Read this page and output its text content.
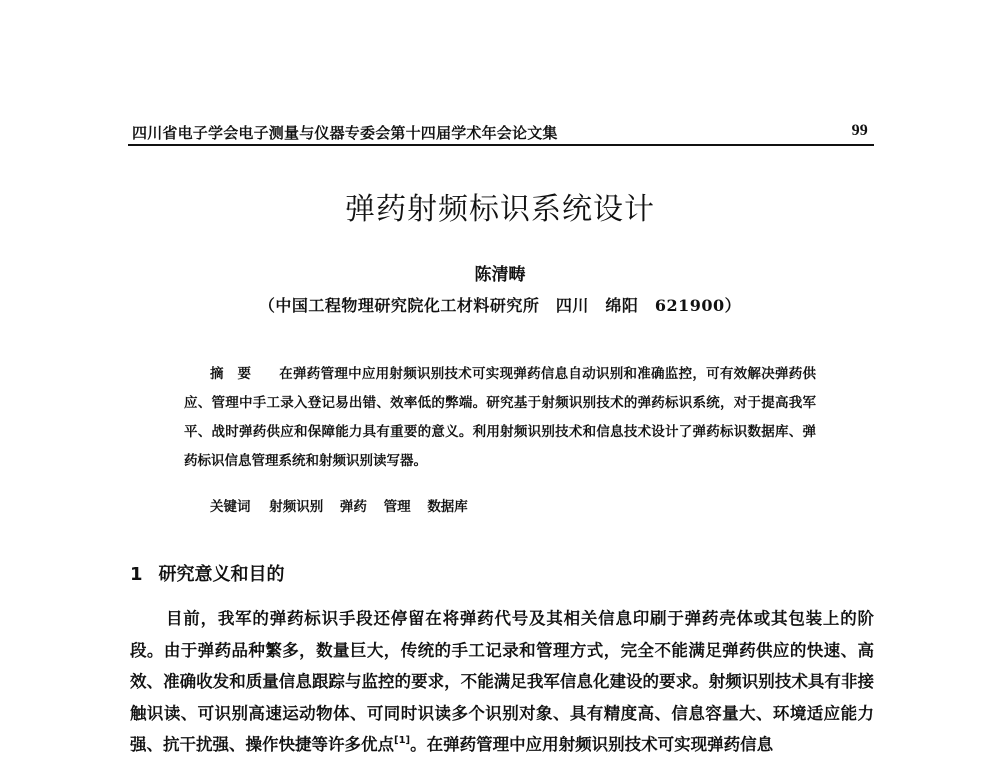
四川省电子学会电子测量与仪器专委会第十四届学术年会论文集	99
弹药射频标识系统设计
陈清畴
（中国工程物理研究院化工材料研究所　四川　绵阳　621900）
摘要 在弹药管理中应用射频识别技术可实现弹药信息自动识别和准确监控，可有效解决弹药供应、管理中手工录入登记易出错、效率低的弊端。研究基于射频识别技术的弹药标识系统，对于提高我军平、战时弹药供应和保障能力具有重要的意义。利用射频识别技术和信息技术设计了弹药标识数据库、弹药标识信息管理系统和射频识别读写器。
关键词 射频识别 弹药 管理 数据库
1 研究意义和目的
目前，我军的弹药标识手段还停留在将弹药代号及其相关信息印刷于弹药壳体或其包装上的阶段。由于弹药品种繁多，数量巨大，传统的手工记录和管理方式，完全不能满足弹药供应的快速、高效、准确收发和质量信息跟踪与监控的要求，不能满足我军信息化建设的要求。射频识别技术具有非接触识读、可识别高速运动物体、可同时识读多个识别对象、具有精度高、信息容量大、环境适应能力强、抗干扰强、操作快捷等许多优点[1]。在弹药管理中应用射频识别技术可实现弹药信息
